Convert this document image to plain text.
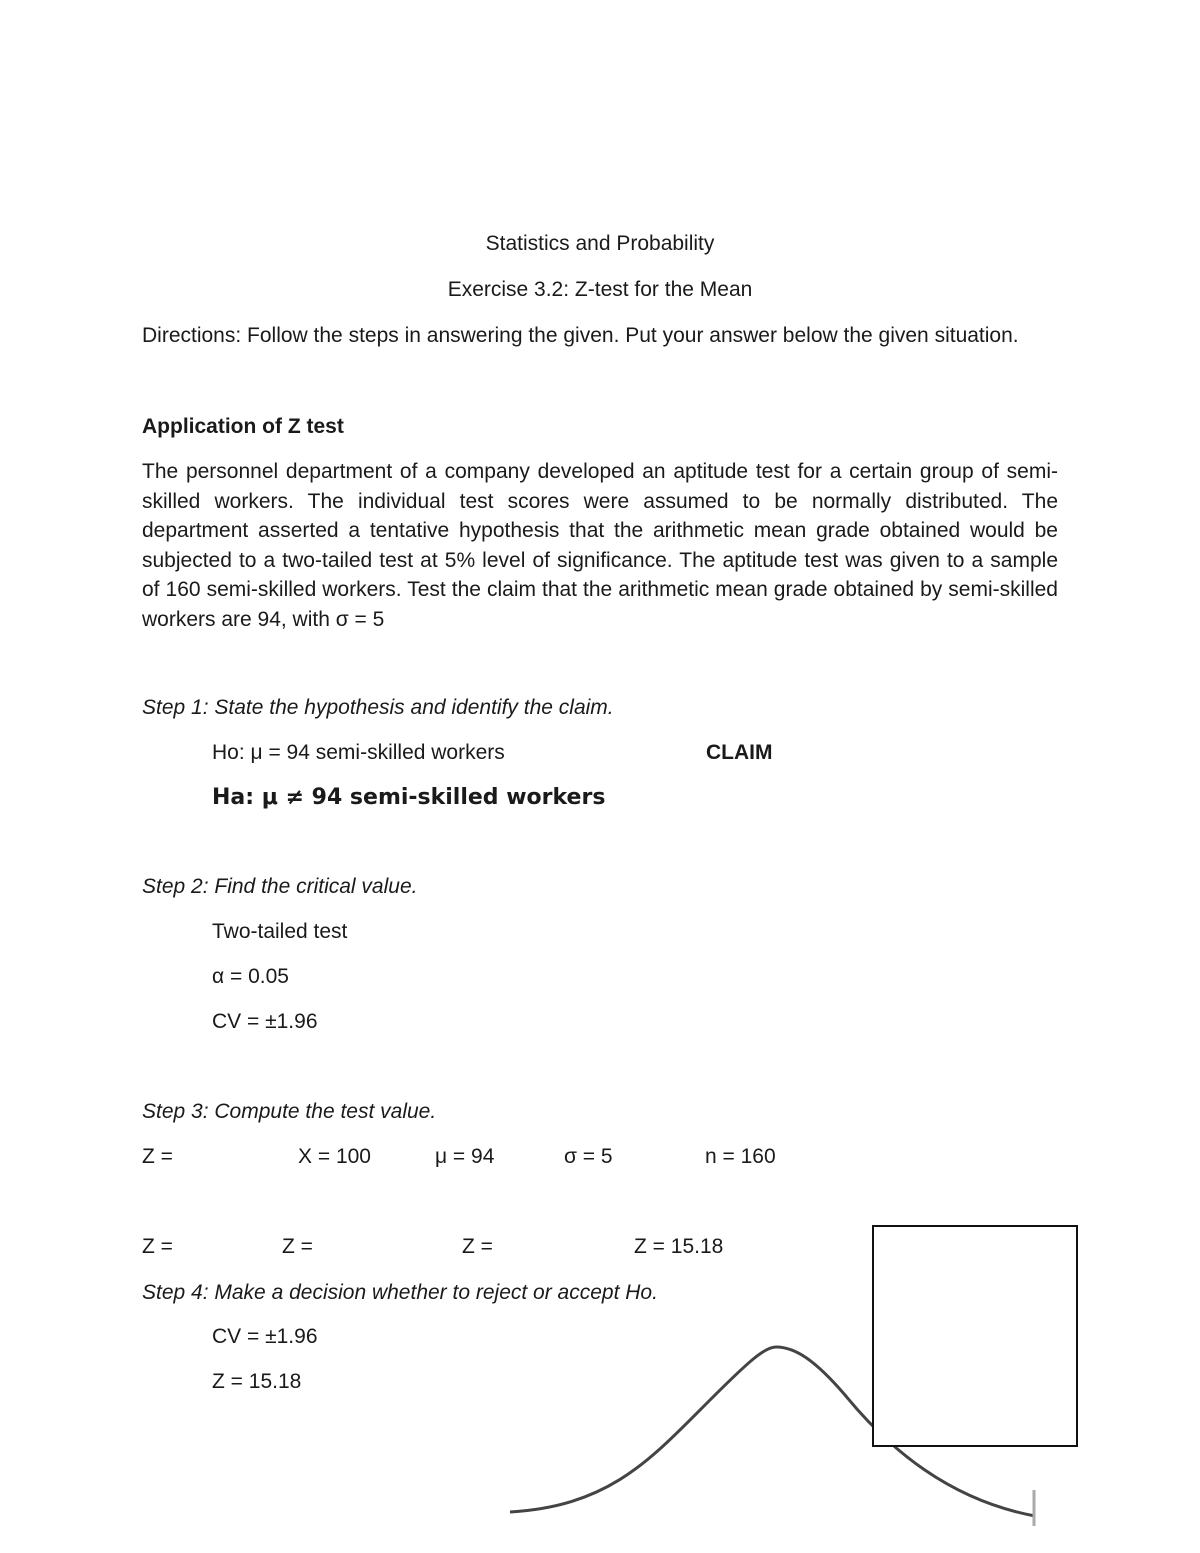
Statistics and Probability
Exercise 3.2: Z-test for the Mean
Directions: Follow the steps in answering the given. Put your answer below the given situation.
Application of Z test
The personnel department of a company developed an aptitude test for a certain group of semi-skilled workers. The individual test scores were assumed to be normally distributed. The department asserted a tentative hypothesis that the arithmetic mean grade obtained would be subjected to a two-tailed test at 5% level of significance. The aptitude test was given to a sample of 160 semi-skilled workers. Test the claim that the arithmetic mean grade obtained by semi-skilled workers are 94, with σ = 5
Step 1: State the hypothesis and identify the claim.
Ho: μ = 94 semi-skilled workers	CLAIM
Ha: μ ≠ 94 semi-skilled workers
Step 2: Find the critical value.
Two-tailed test
α = 0.05
CV = ±1.96
Step 3: Compute the test value.
Z =	X = 100	μ = 94	σ = 5	n = 160
Z =	Z =	Z =	Z = 15.18
Step 4: Make a decision whether to reject or accept Ho.
CV = ±1.96
Z = 15.18
